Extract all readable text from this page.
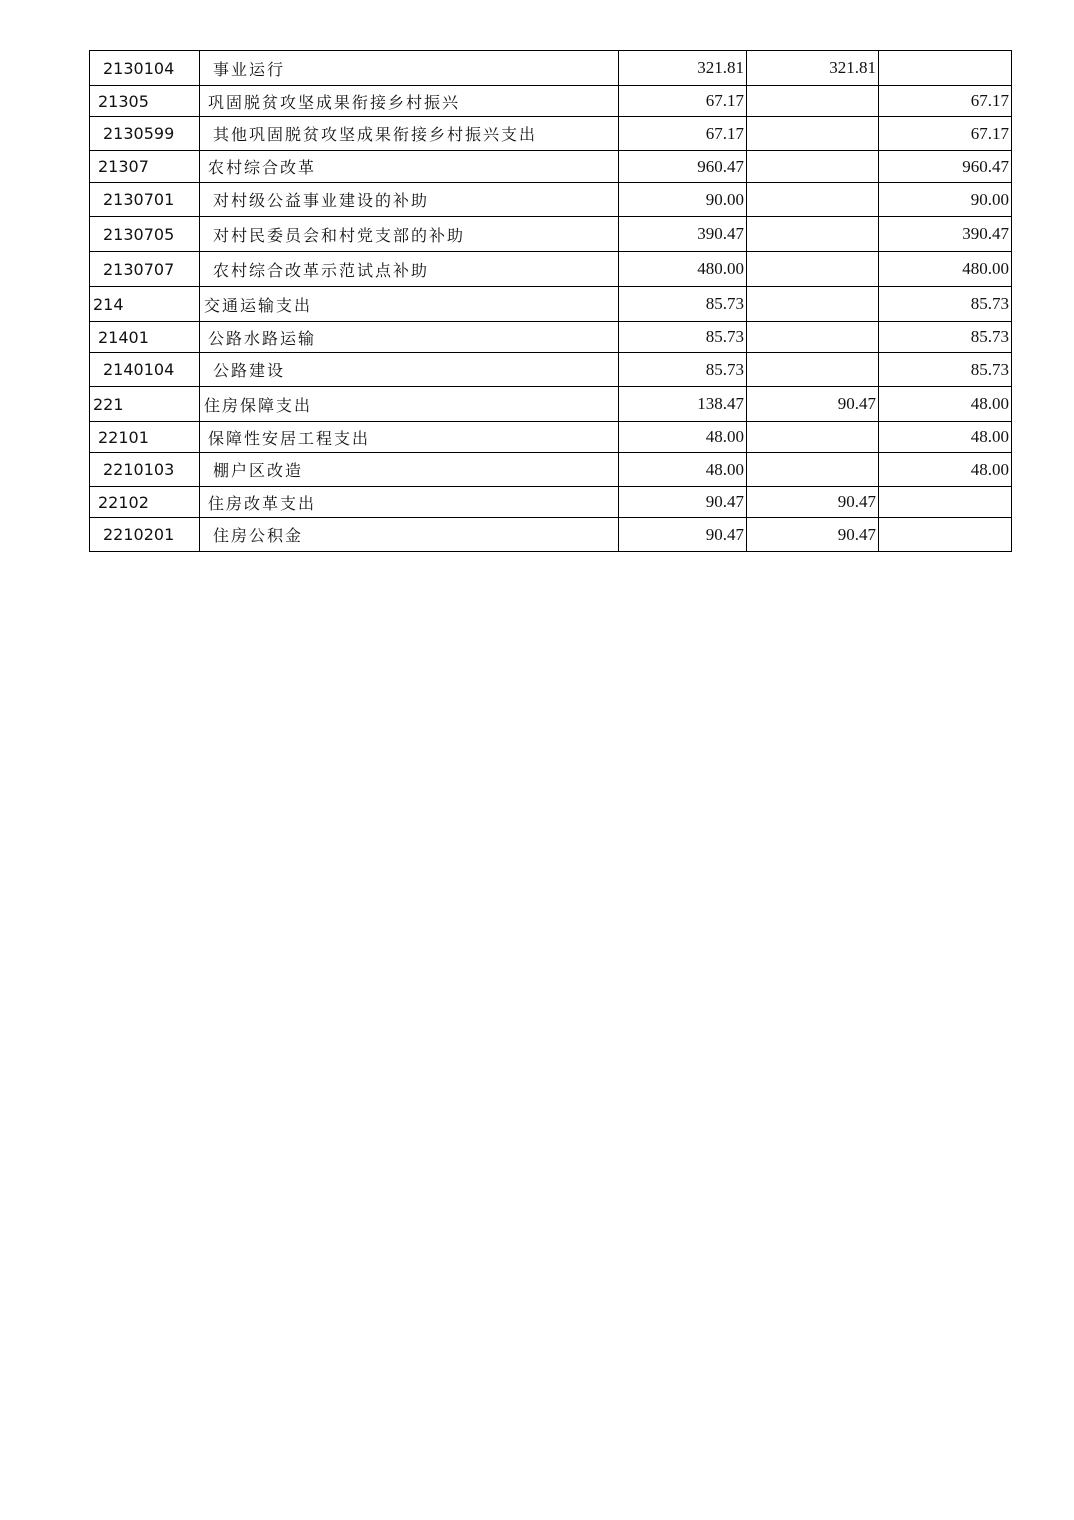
2130104	事业运行	321.81	321.81	
21305	巩固脱贫攻坚成果衔接乡村振兴	67.17		67.17
2130599	其他巩固脱贫攻坚成果衔接乡村振兴支出	67.17		67.17
21307	农村综合改革	960.47		960.47
2130701	对村级公益事业建设的补助	90.00		90.00
2130705	对村民委员会和村党支部的补助	390.47		390.47
2130707	农村综合改革示范试点补助	480.00		480.00
214	交通运输支出	85.73		85.73
21401	公路水路运输	85.73		85.73
2140104	公路建设	85.73		85.73
221	住房保障支出	138.47	90.47	48.00
22101	保障性安居工程支出	48.00		48.00
2210103	棚户区改造	48.00		48.00
22102	住房改革支出	90.47	90.47	
2210201	住房公积金	90.47	90.47	
